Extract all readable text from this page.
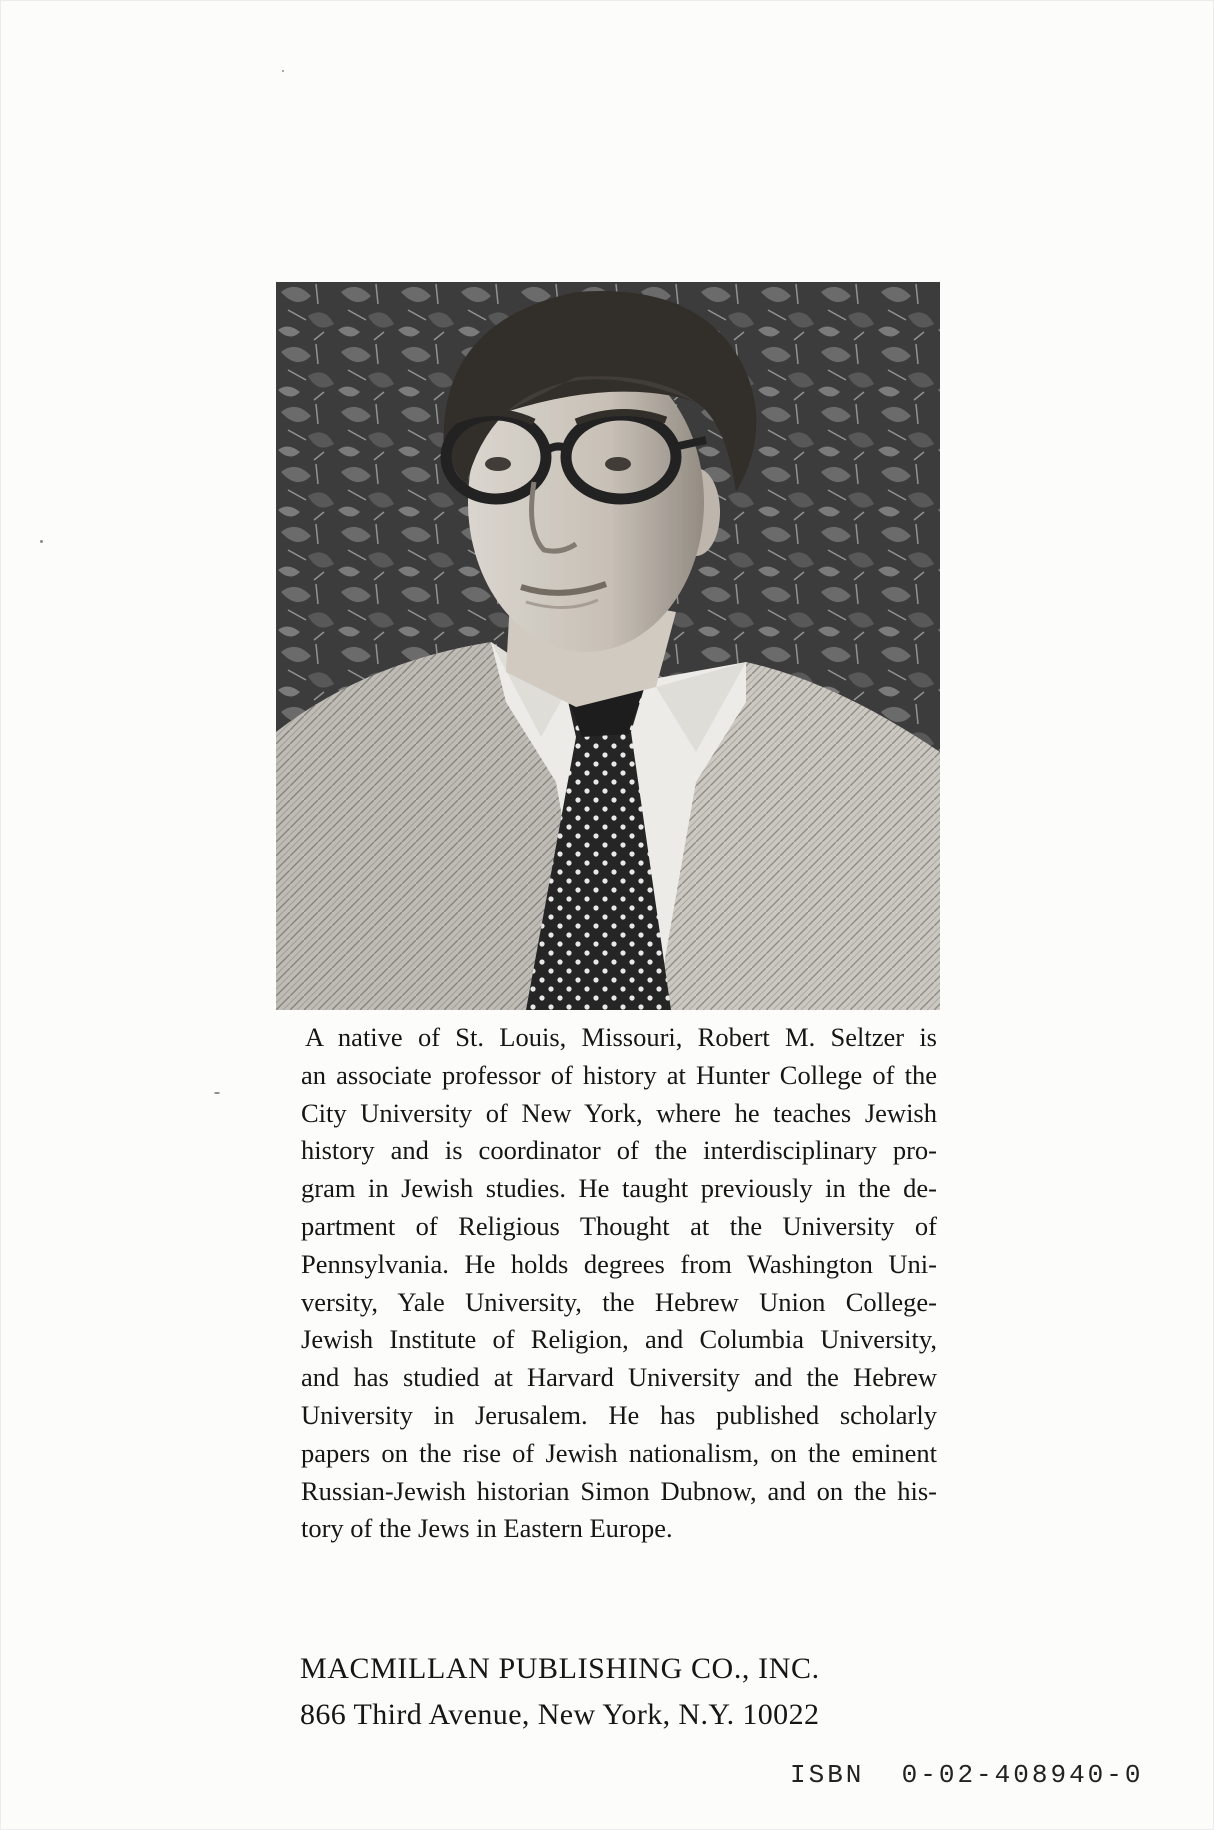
A native of St. Louis, Missouri, Robert M. Seltzer is
an associate professor of history at Hunter College of the
City University of New York, where he teaches Jewish
history and is coordinator of the interdisciplinary pro-
gram in Jewish studies. He taught previously in the de-
partment of Religious Thought at the University of
Pennsylvania. He holds degrees from Washington Uni-
versity, Yale University, the Hebrew Union College-
Jewish Institute of Religion, and Columbia University,
and has studied at Harvard University and the Hebrew
University in Jerusalem. He has published scholarly
papers on the rise of Jewish nationalism, on the eminent
Russian-Jewish historian Simon Dubnow, and on the his-
tory of the Jews in Eastern Europe.
MACMILLAN PUBLISHING CO., INC.
866 Third Avenue, New York, N.Y. 10022
ISBN 0-02-408940-0
